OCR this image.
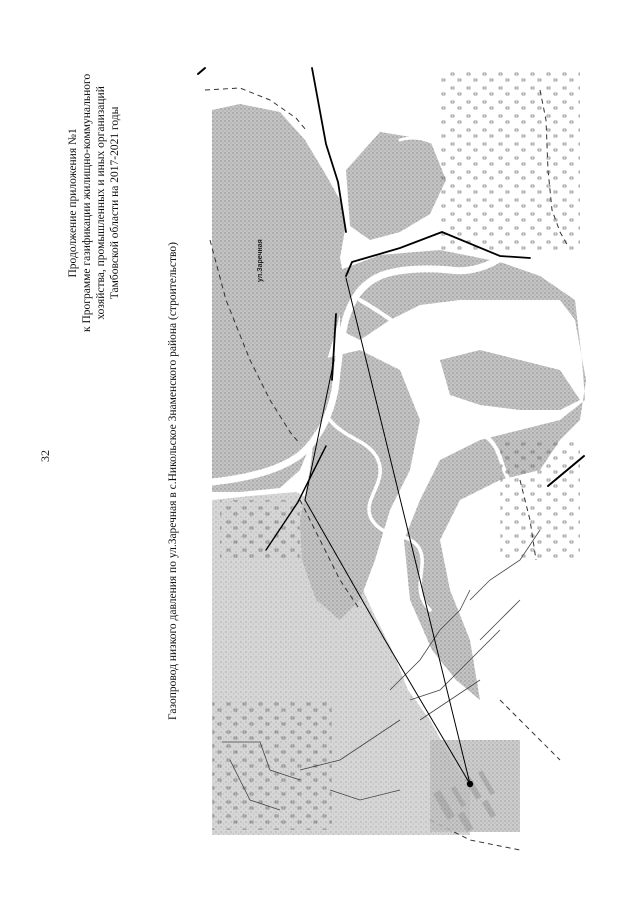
32
Продолжение приложения №1 к Программе газификации жилищно-коммунального хозяйства, промышленных и иных организаций Тамбовской области на 2017-2021 годы
Газопровод низкого давления по ул.Заречная в с.Никольское Знаменского района (строительство)	ул.Заречная
